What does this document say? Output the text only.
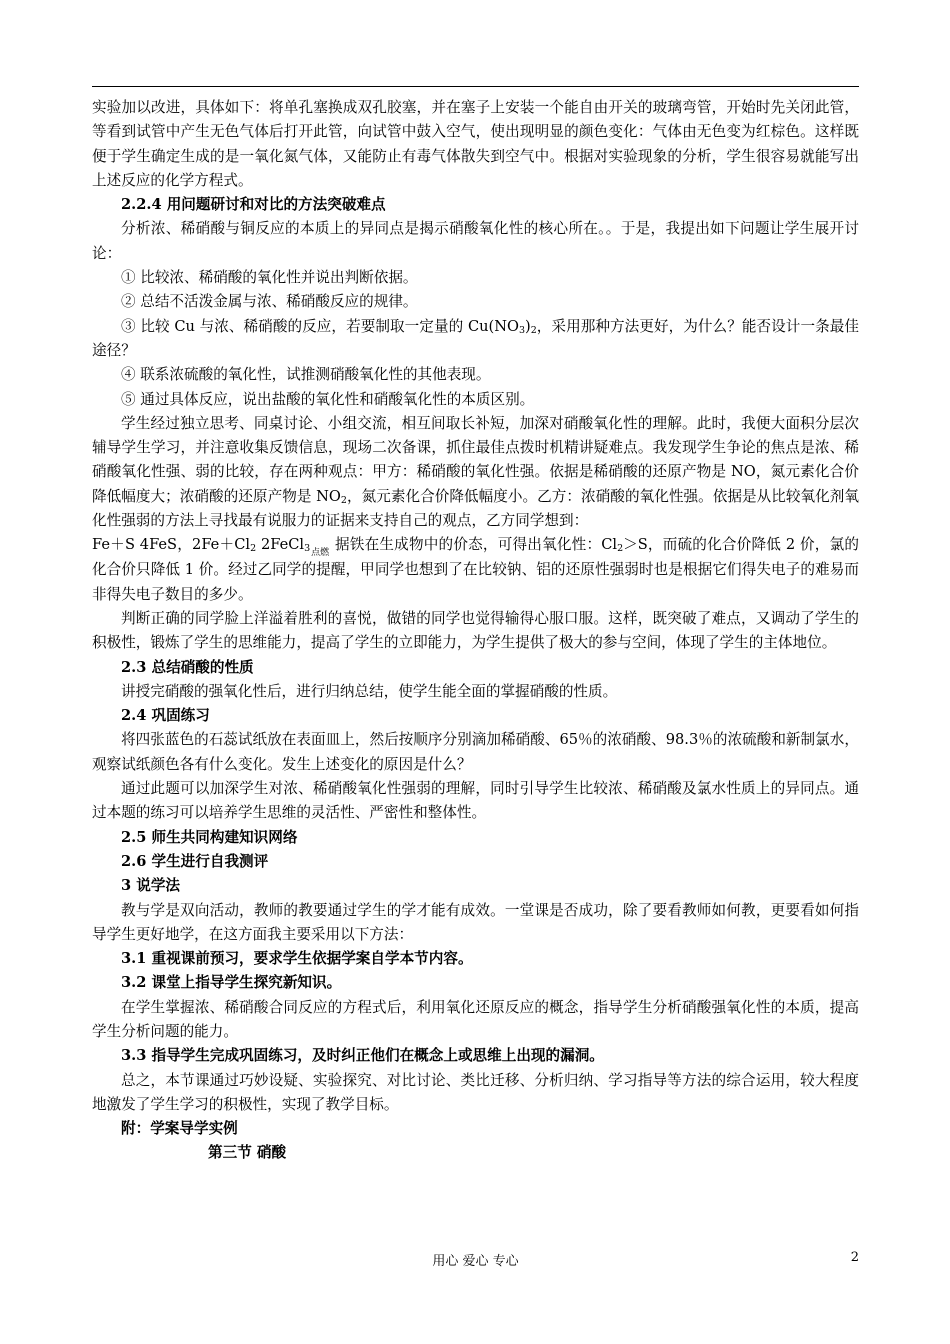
实验加以改进，具体如下：将单孔塞换成双孔胶塞，并在塞子上安装一个能自由开关的玻璃弯管，开始时先关闭此管，等看到试管中产生无色气体后打开此管，向试管中鼓入空气，使出现明显的颜色变化：气体由无色变为红棕色。这样既便于学生确定生成的是一氧化氮气体，又能防止有毒气体散失到空气中。根据对实验现象的分析，学生很容易就能写出上述反应的化学方程式。

2.2.4 用问题研讨和对比的方法突破难点

分析浓、稀硝酸与铜反应的本质上的异同点是揭示硝酸氧化性的核心所在。。于是，我提出如下问题让学生展开讨论：

① 比较浓、稀硝酸的氧化性并说出判断依据。

② 总结不活泼金属与浓、稀硝酸反应的规律。

③ 比较 Cu 与浓、稀硝酸的反应，若要制取一定量的 $Cu(NO_3)_2$，采用那种方法更好，为什么？能否设计一条最佳途径？

④ 联系浓硫酸的氧化性，试推测硝酸氧化性的其他表现。

⑤ 通过具体反应，说出盐酸的氧化性和硝酸氧化性的本质区别。

学生经过独立思考、同桌讨论、小组交流，相互间取长补短，加深对硝酸氧化性的理解。此时，我便大面积分层次辅导学生学习，并注意收集反馈信息，现场二次备课，抓住最佳点拨时机精讲疑难点。我发现学生争论的焦点是浓、稀硝酸氧化性强、弱的比较，存在两种观点：甲方：稀硝酸的氧化性强。依据是稀硝酸的还原产物是 NO，氮元素化合价降低幅度大；浓硝酸的还原产物是 $NO_2$，氮元素化合价降低幅度小。乙方：浓硝酸的氧化性强。依据是从比较氧化剂氧化性强弱的方法上寻找最有说服力的证据来支持自己的观点，乙方同学想到：

Fe＋S 4FeS，$2Fe+Cl_2$ 2FeCl$_3$点燃 据铁在生成物中的价态，可得出氧化性：$Cl_2>S$，而硫的化合价降低 2 价，氯的化合价只降低 1 价。经过乙同学的提醒，甲同学也想到了在比较钠、铝的还原性强弱时也是根据它们得失电子的难易而非得失电子数目的多少。

判断正确的同学脸上洋溢着胜利的喜悦，做错的同学也觉得输得心服口服。这样，既突破了难点，又调动了学生的积极性，锻炼了学生的思维能力，提高了学生的立即能力，为学生提供了极大的参与空间，体现了学生的主体地位。

2.3 总结硝酸的性质

讲授完硝酸的强氧化性后，进行归纳总结，使学生能全面的掌握硝酸的性质。

2.4 巩固练习

将四张蓝色的石蕊试纸放在表面皿上，然后按顺序分别滴加稀硝酸、65％的浓硝酸、98.3％的浓硫酸和新制氯水，观察试纸颜色各有什么变化。发生上述变化的原因是什么？

通过此题可以加深学生对浓、稀硝酸氧化性强弱的理解，同时引导学生比较浓、稀硝酸及氯水性质上的异同点。通过本题的练习可以培养学生思维的灵活性、严密性和整体性。

2.5 师生共同构建知识网络

2.6 学生进行自我测评

3 说学法

教与学是双向活动，教师的教要通过学生的学才能有成效。一堂课是否成功，除了要看教师如何教，更要看如何指导学生更好地学，在这方面我主要采用以下方法：

3.1 重视课前预习，要求学生依据学案自学本节内容。

3.2 课堂上指导学生探究新知识。

在学生掌握浓、稀硝酸合同反应的方程式后，利用氧化还原反应的概念，指导学生分析硝酸强氧化性的本质，提高学生分析问题的能力。

3.3 指导学生完成巩固练习，及时纠正他们在概念上或思维上出现的漏洞。

总之，本节课通过巧妙设疑、实验探究、对比讨论、类比迁移、分析归纳、学习指导等方法的综合运用，较大程度地激发了学生学习的积极性，实现了教学目标。

附：学案导学实例

第三节 硝酸

用心 爱心 专心	2
